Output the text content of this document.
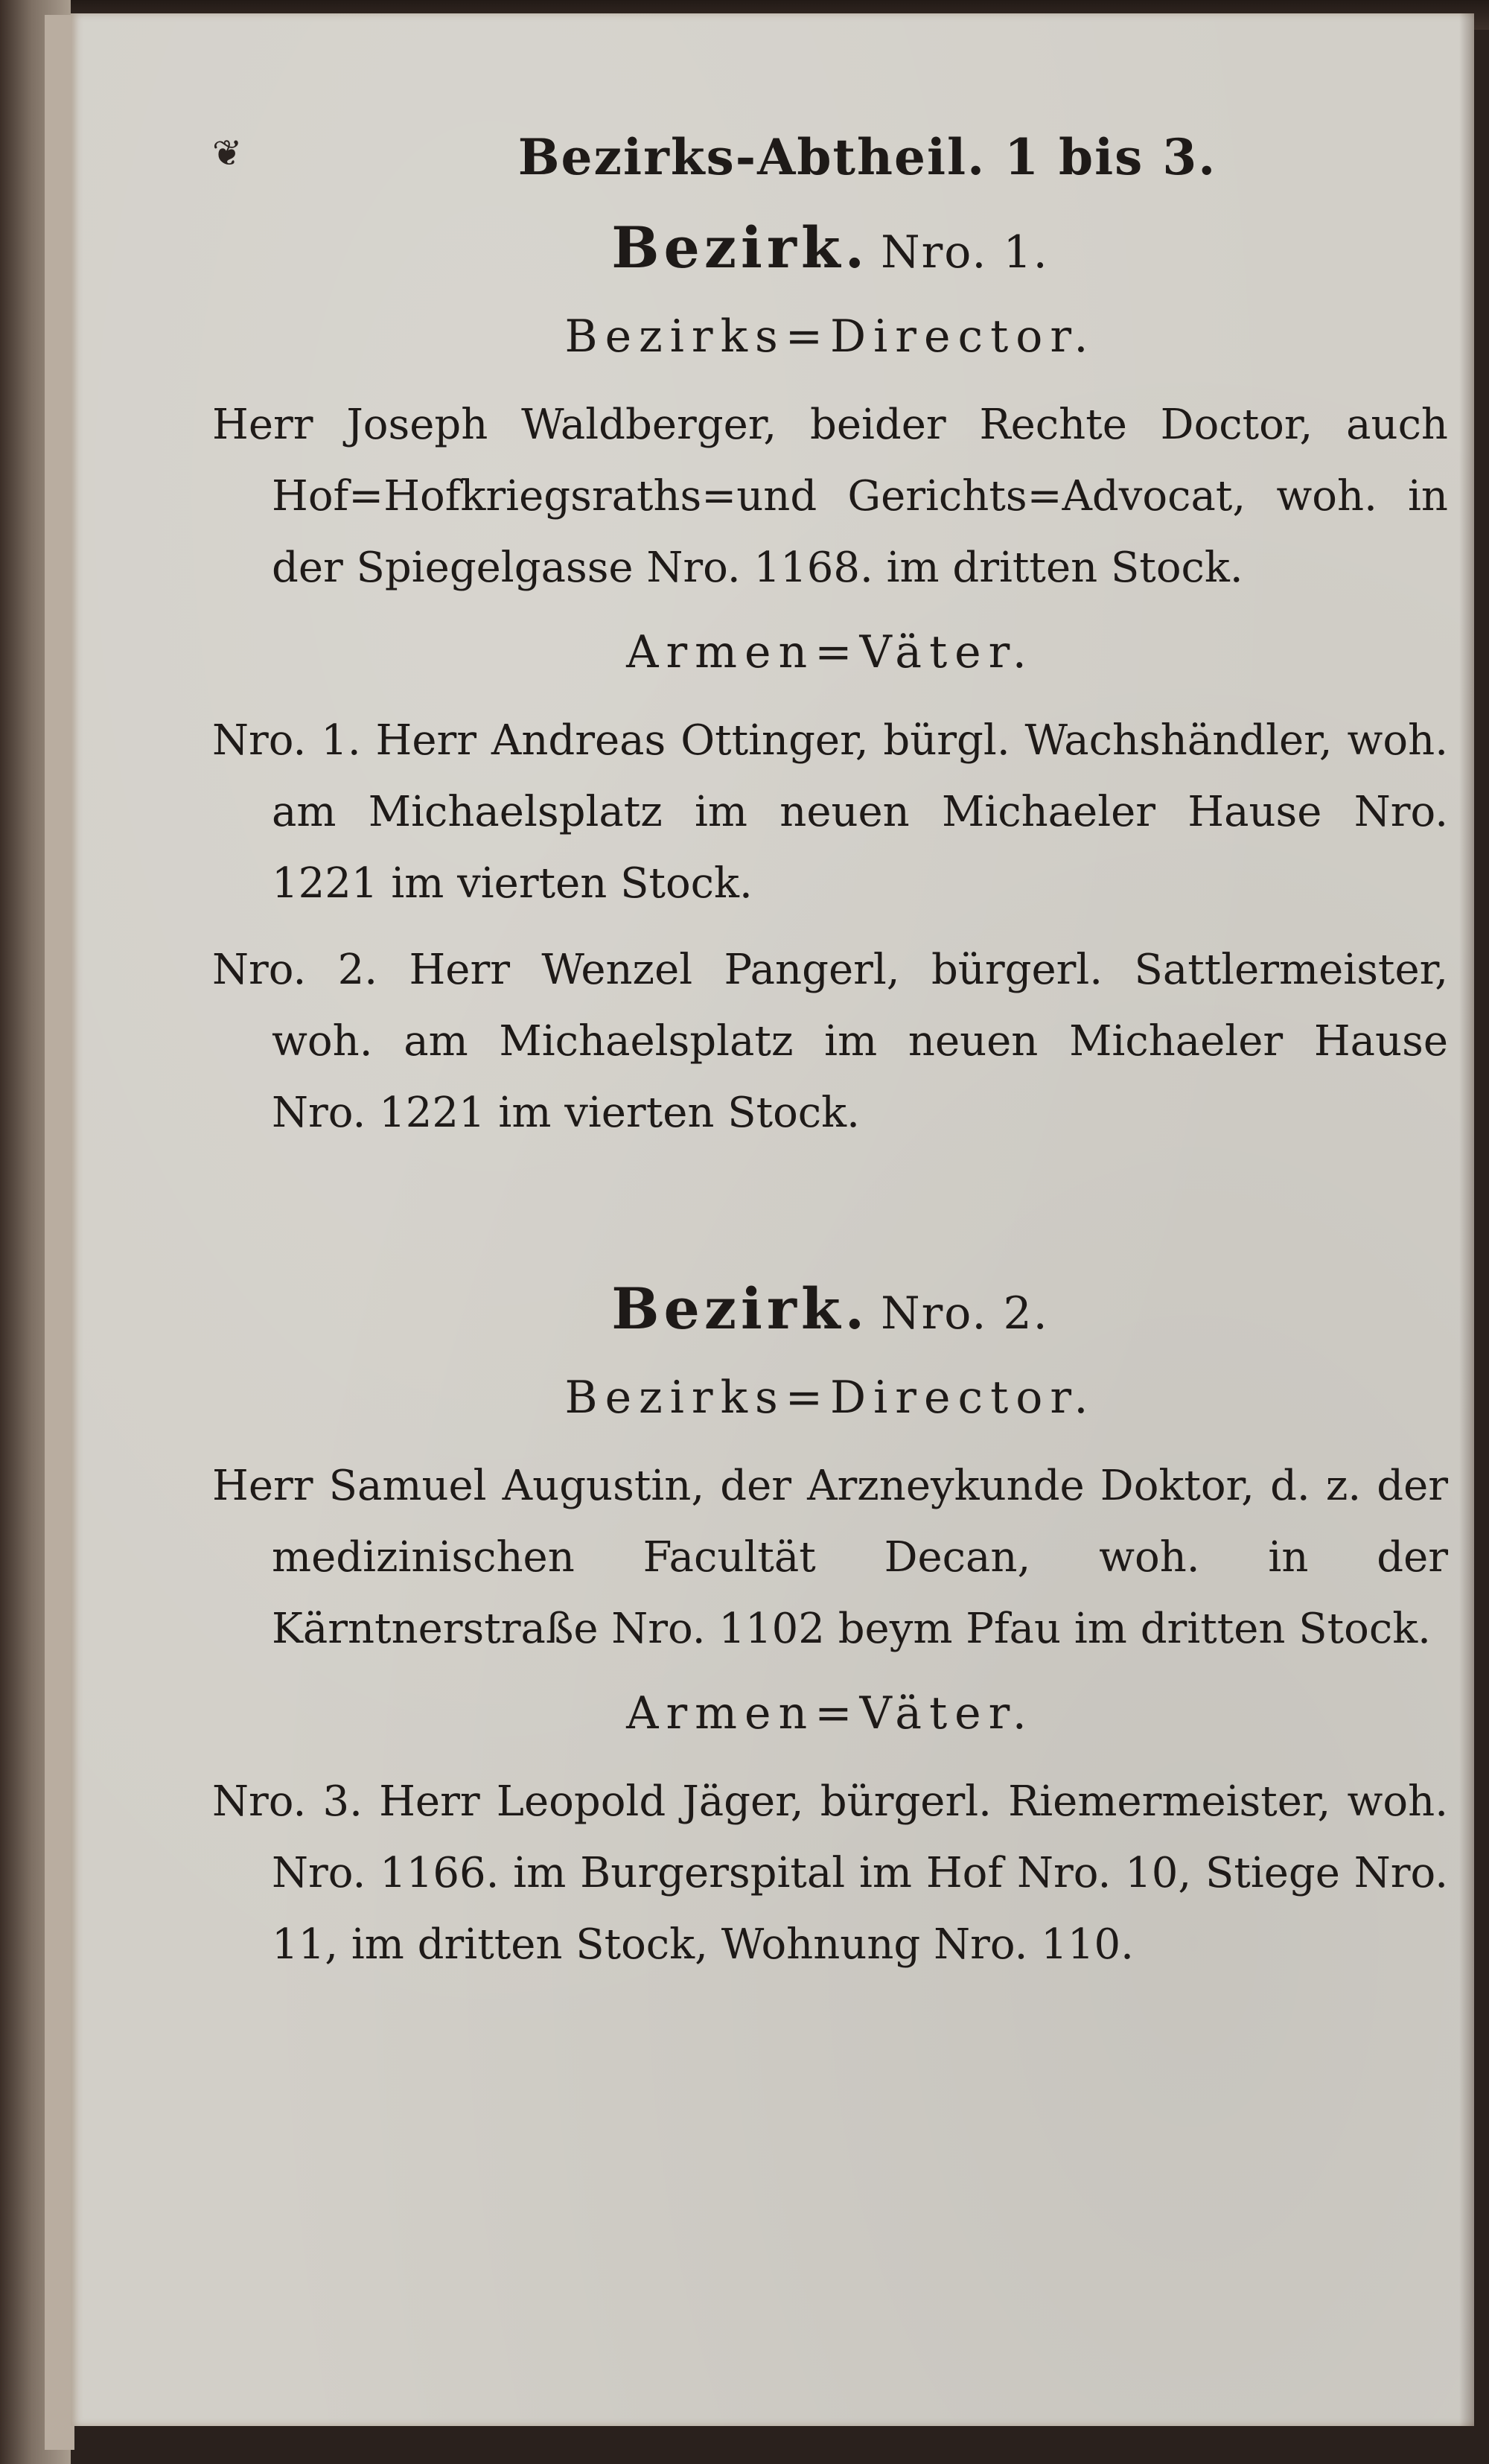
❦	Bezirks‑Abtheil. 1 bis 3.
Bezirk. Nro. 1.
Bezirks=Director.

Herr Joseph Waldberger, beider Rechte Doctor, auch Hof=Hofkriegsraths=und Gerichts=Advocat, woh. in der Spiegelgasse Nro. 1168. im dritten Stock.

Armen=Väter.

Nro. 1. Herr Andreas Ottinger, bürgl. Wachshändler, woh. am Michaelsplatz im neuen Michaeler Hause Nro. 1221 im vierten Stock.

Nro. 2. Herr Wenzel Pangerl, bürgerl. Sattlermeister, woh. am Michaelsplatz im neuen Michaeler Hause Nro. 1221 im vierten Stock.

Bezirk. Nro. 2.
Bezirks=Director.

Herr Samuel Augustin, der Arzneykunde Doktor, d. z. der medizinischen Facultät Decan, woh. in der Kärntnerstraße Nro. 1102 beym Pfau im dritten Stock.

Armen=Väter.

Nro. 3. Herr Leopold Jäger, bürgerl. Riemermeister, woh. Nro. 1166. im Burgerspital im Hof Nro. 10, Stiege Nro. 11, im dritten Stock, Wohnung Nro. 110.
